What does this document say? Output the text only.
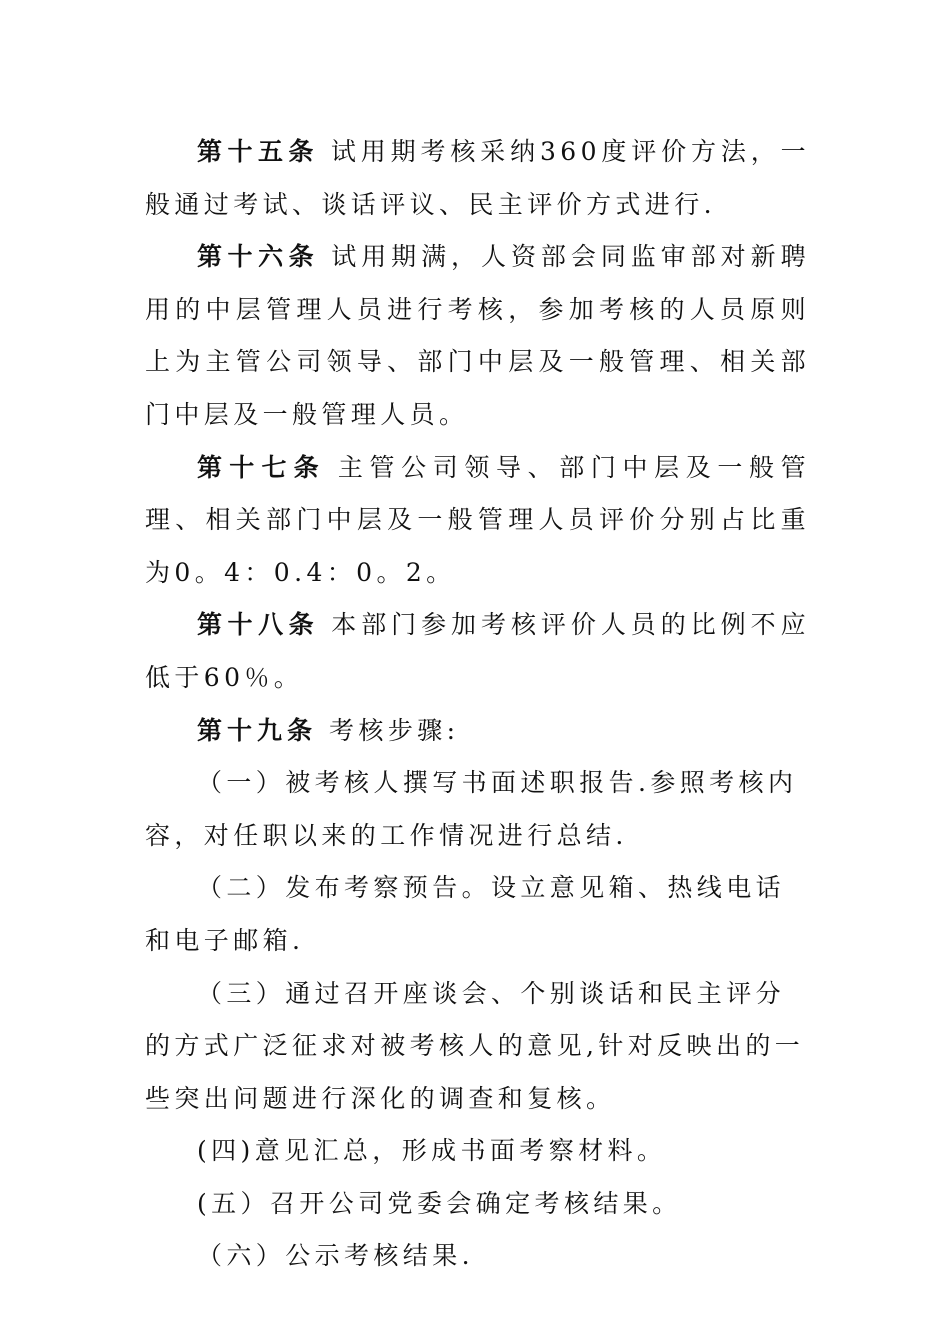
第十五条 试用期考核采纳360度评价方法，一般通过考试、谈话评议、民主评价方式进行.

第十六条 试用期满，人资部会同监审部对新聘用的中层管理人员进行考核，参加考核的人员原则上为主管公司领导、部门中层及一般管理、相关部门中层及一般管理人员。

第十七条 主管公司领导、部门中层及一般管理、相关部门中层及一般管理人员评价分别占比重为0。4：0.4：0。2。

第十八条 本部门参加考核评价人员的比例不应低于60％。

第十九条 考核步骤:

（一）被考核人撰写书面述职报告.参照考核内容，对任职以来的工作情况进行总结.

（二）发布考察预告。设立意见箱、热线电话和电子邮箱.

（三）通过召开座谈会、个别谈话和民主评分的方式广泛征求对被考核人的意见,针对反映出的一些突出问题进行深化的调查和复核。

(四)意见汇总，形成书面考察材料。

(五）召开公司党委会确定考核结果。

（六）公示考核结果.
